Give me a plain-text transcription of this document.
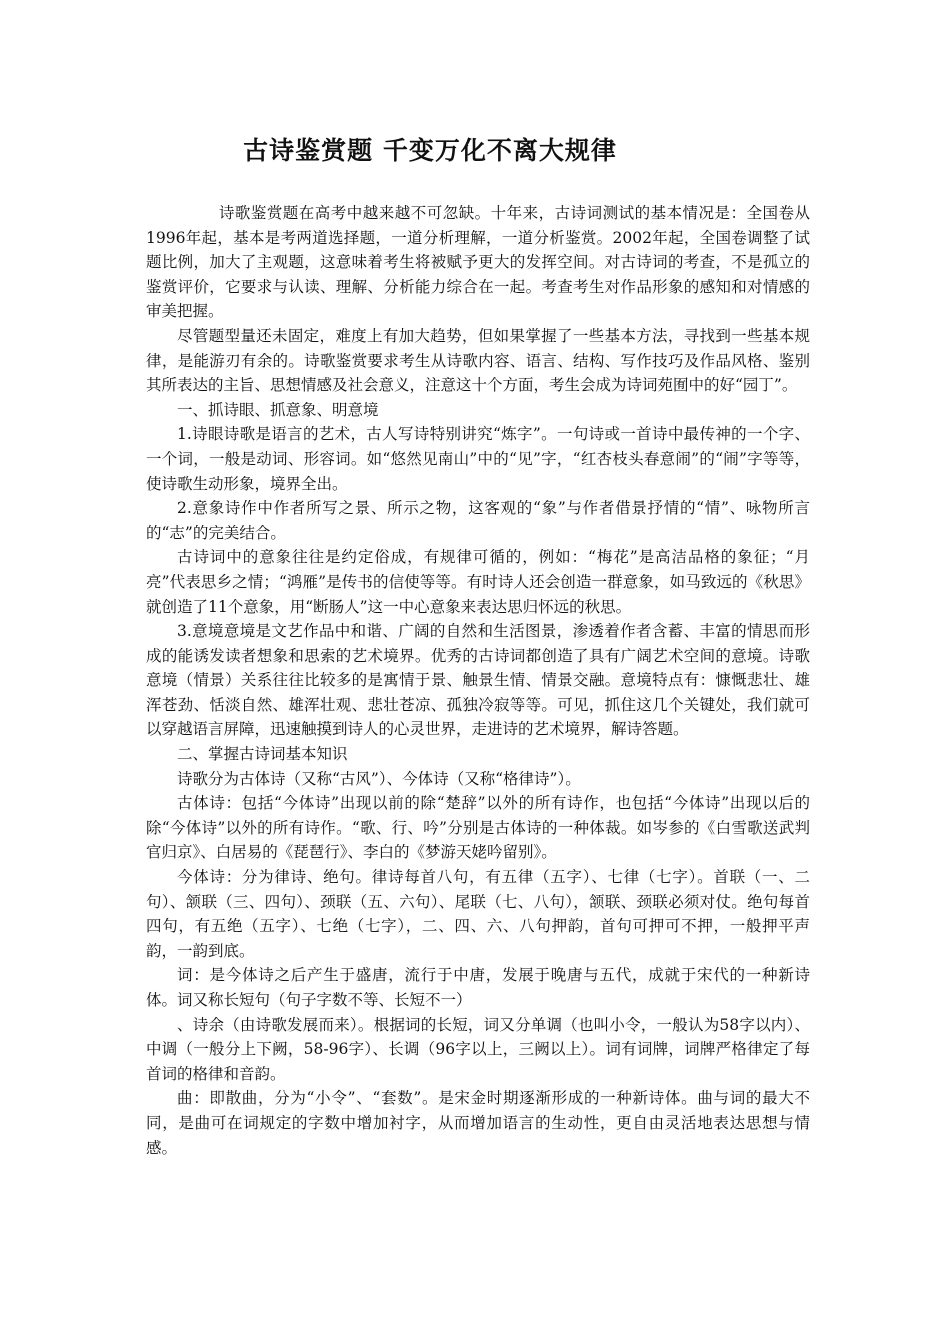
古诗鉴赏题 千变万化不离大规律

诗歌鉴赏题在高考中越来越不可忽缺。十年来，古诗词测试的基本情况是：全国卷从1996年起，基本是考两道选择题，一道分析理解，一道分析鉴赏。2002年起，全国卷调整了试题比例，加大了主观题，这意味着考生将被赋予更大的发挥空间。对古诗词的考查，不是孤立的鉴赏评价，它要求与认读、理解、分析能力综合在一起。考查考生对作品形象的感知和对情感的审美把握。

尽管题型量还未固定，难度上有加大趋势，但如果掌握了一些基本方法，寻找到一些基本规律，是能游刃有余的。诗歌鉴赏要求考生从诗歌内容、语言、结构、写作技巧及作品风格、鉴别其所表达的主旨、思想情感及社会意义，注意这十个方面，考生会成为诗词苑囿中的好“园丁”。

一、抓诗眼、抓意象、明意境

1.诗眼诗歌是语言的艺术，古人写诗特别讲究“炼字”。一句诗或一首诗中最传神的一个字、一个词，一般是动词、形容词。如“悠然见南山”中的“见”字，“红杏枝头春意闹”的“闹”字等等，使诗歌生动形象，境界全出。

2.意象诗作中作者所写之景、所示之物，这客观的“象”与作者借景抒情的“情”、咏物所言的“志”的完美结合。

古诗词中的意象往往是约定俗成，有规律可循的，例如：“梅花”是高洁品格的象征；“月亮”代表思乡之情；“鸿雁”是传书的信使等等。有时诗人还会创造一群意象，如马致远的《秋思》就创造了11个意象，用“断肠人”这一中心意象来表达思归怀远的秋思。

3.意境意境是文艺作品中和谐、广阔的自然和生活图景，渗透着作者含蓄、丰富的情思而形成的能诱发读者想象和思索的艺术境界。优秀的古诗词都创造了具有广阔艺术空间的意境。诗歌意境（情景）关系往往比较多的是寓情于景、触景生情、情景交融。意境特点有：慷慨悲壮、雄浑苍劲、恬淡自然、雄浑壮观、悲壮苍凉、孤独冷寂等等。可见，抓住这几个关键处，我们就可以穿越语言屏障，迅速触摸到诗人的心灵世界，走进诗的艺术境界，解诗答题。

二、掌握古诗词基本知识

诗歌分为古体诗（又称“古风”）、今体诗（又称“格律诗”）。

古体诗：包括“今体诗”出现以前的除“楚辞”以外的所有诗作，也包括“今体诗”出现以后的除“今体诗”以外的所有诗作。“歌、行、吟”分别是古体诗的一种体裁。如岑参的《白雪歌送武判官归京》、白居易的《琵琶行》、李白的《梦游天姥吟留别》。

今体诗：分为律诗、绝句。律诗每首八句，有五律（五字）、七律（七字）。首联（一、二句）、颔联（三、四句）、颈联（五、六句）、尾联（七、八句），颔联、颈联必须对仗。绝句每首四句，有五绝（五字）、七绝（七字），二、四、六、八句押韵，首句可押可不押，一般押平声韵，一韵到底。

词：是今体诗之后产生于盛唐，流行于中唐，发展于晚唐与五代，成就于宋代的一种新诗体。词又称长短句（句子字数不等、长短不一）

、诗余（由诗歌发展而来）。根据词的长短，词又分单调（也叫小令，一般认为58字以内）、中调（一般分上下阙，58-96字）、长调（96字以上，三阙以上）。词有词牌，词牌严格律定了每首词的格律和音韵。

曲：即散曲，分为“小令”、“套数”。是宋金时期逐渐形成的一种新诗体。曲与词的最大不同，是曲可在词规定的字数中增加衬字，从而增加语言的生动性，更自由灵活地表达思想与情感。
